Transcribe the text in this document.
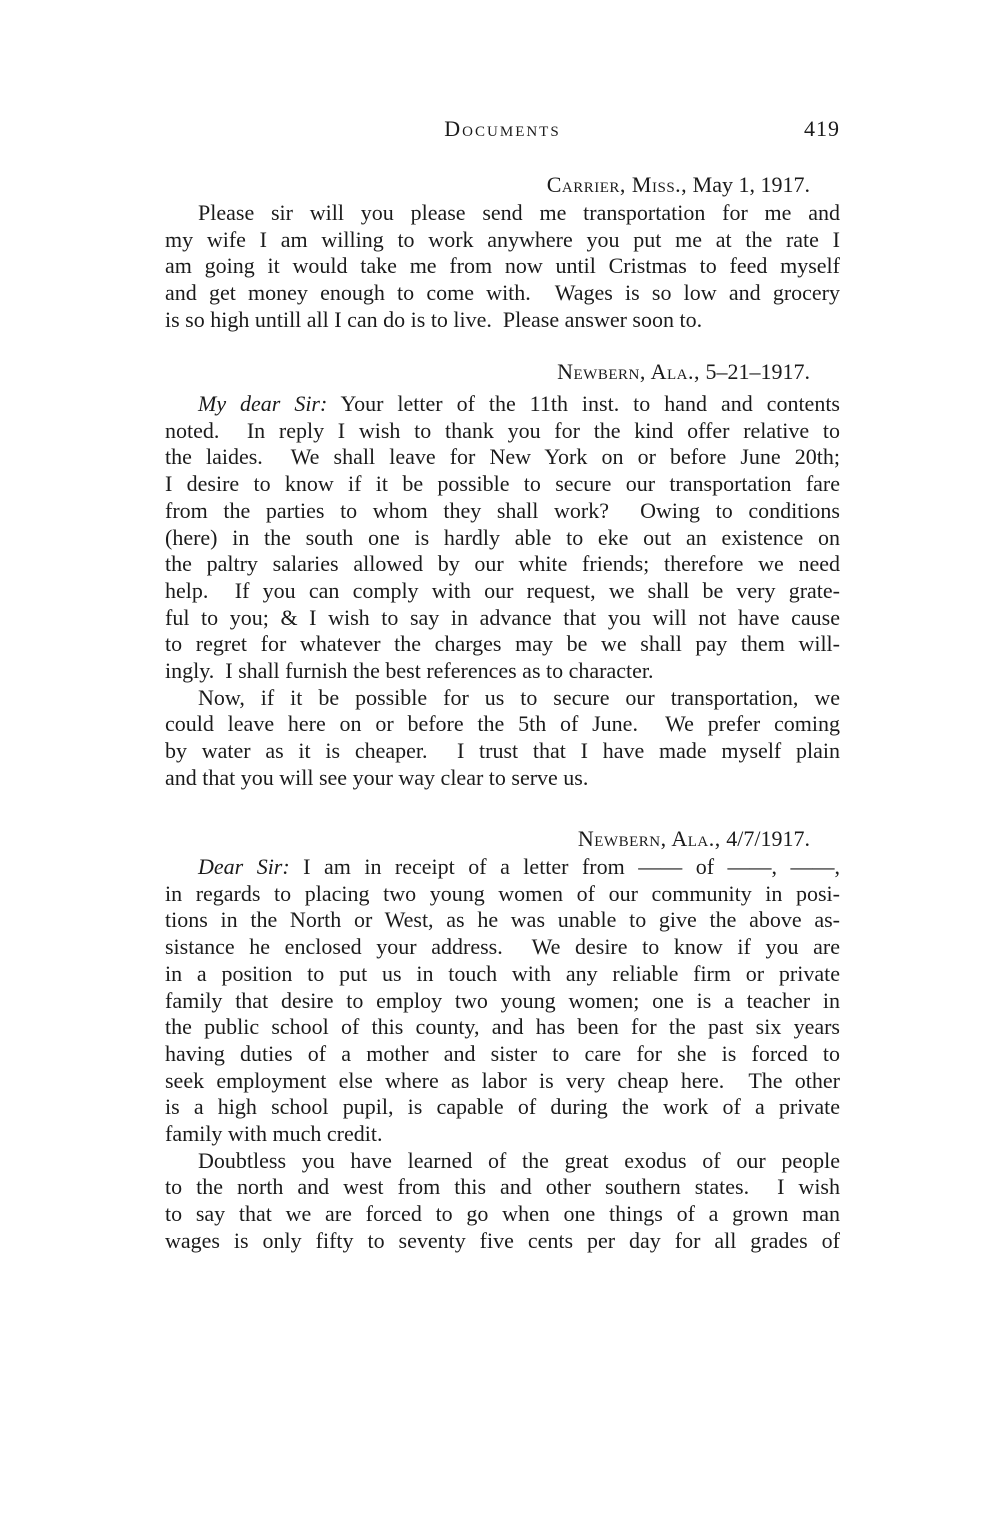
Documents	419
Carrier, Miss., May 1, 1917.
Please sir will you please send me transportation for me and
my wife I am willing to work anywhere you put me at the rate I
am going it would take me from now until Cristmas to feed myself
and get money enough to come with.  Wages is so low and grocery
is so high untill all I can do is to live.  Please answer soon to.
Newbern, Ala., 5–21–1917.
My dear Sir: Your letter of the 11th inst. to hand and contents
noted.  In reply I wish to thank you for the kind offer relative to
the laides.  We shall leave for New York on or before June 20th;
I desire to know if it be possible to secure our transportation fare
from the parties to whom they shall work?  Owing to conditions
(here) in the south one is hardly able to eke out an existence on
the paltry salaries allowed by our white friends; therefore we need
help.  If you can comply with our request, we shall be very grate-
ful to you; & I wish to say in advance that you will not have cause
to regret for whatever the charges may be we shall pay them will-
ingly.  I shall furnish the best references as to character.
Now, if it be possible for us to secure our transportation, we
could leave here on or before the 5th of June.  We prefer coming
by water as it is cheaper.  I trust that I have made myself plain
and that you will see your way clear to serve us.
Newbern, Ala., 4/7/1917.
Dear Sir: I am in receipt of a letter from —— of ——, ——,
in regards to placing two young women of our community in posi-
tions in the North or West, as he was unable to give the above as-
sistance he enclosed your address.  We desire to know if you are
in a position to put us in touch with any reliable firm or private
family that desire to employ two young women; one is a teacher in
the public school of this county, and has been for the past six years
having duties of a mother and sister to care for she is forced to
seek employment else where as labor is very cheap here.  The other
is a high school pupil, is capable of during the work of a private
family with much credit.
Doubtless you have learned of the great exodus of our people
to the north and west from this and other southern states.  I wish
to say that we are forced to go when one things of a grown man
wages is only fifty to seventy five cents per day for all grades of
